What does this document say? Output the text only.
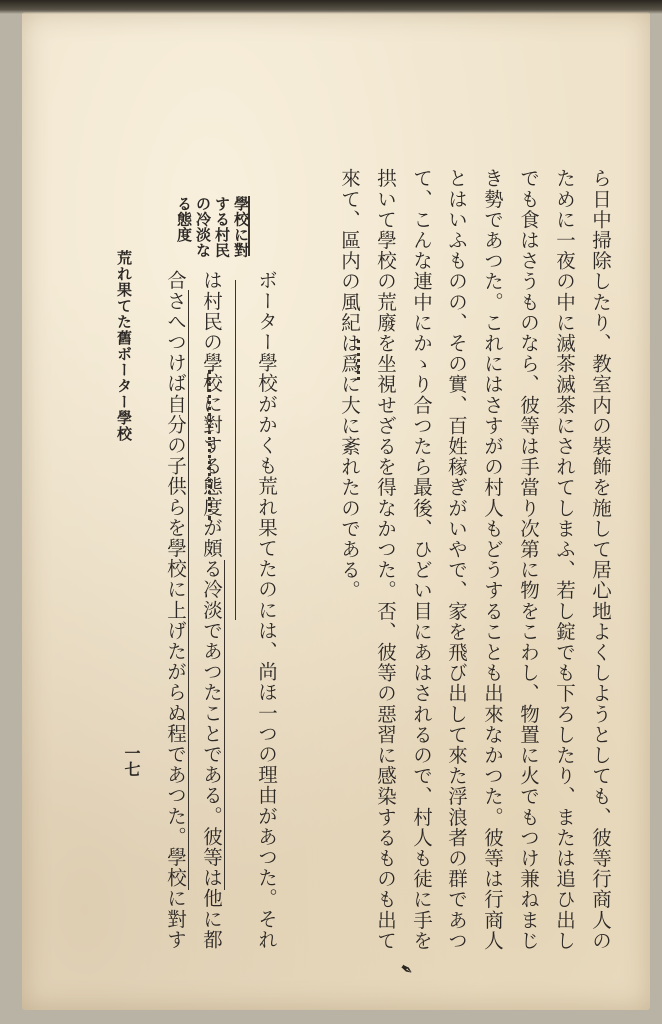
ら日中掃除したり、教室内の裝飾を施して居心地よくしようとしても、彼等行商人の
ために一夜の中に滅茶滅茶にされてしまふ、若し錠でも下ろしたり、または追ひ出し
でも食はさうものなら、彼等は手當り次第に物をこわし、物置に火でもつけ兼ねまじ
き勢であつた。これにはさすがの村人もどうすることも出來なかつた。彼等は行商人
とはいふものの、その實、百姓稼ぎがいやで、家を飛び出して來た浮浪者の群であつ
て、こんな連中にかゝり合つたら最後、ひどい目にあはされるので、村人も徒に手を
拱いて學校の荒廢を坐視せざるを得なかつた。否、彼等の惡習に感染するものも出て
來て、區内の風紀は爲に大に紊れたのである。
ボーター學校がかくも荒れ果てたのには、尚ほ一つの理由があつた。それ
は村民の學校に對する態度が頗る冷淡であつたことである。彼等は他に都
合さへつけば自分の子供らを學校に上げたがらぬ程であつた。學校に對す
學校に對
する村民
の冷淡な
る態度
荒れ果てた舊ボーター學校
一七
✒
